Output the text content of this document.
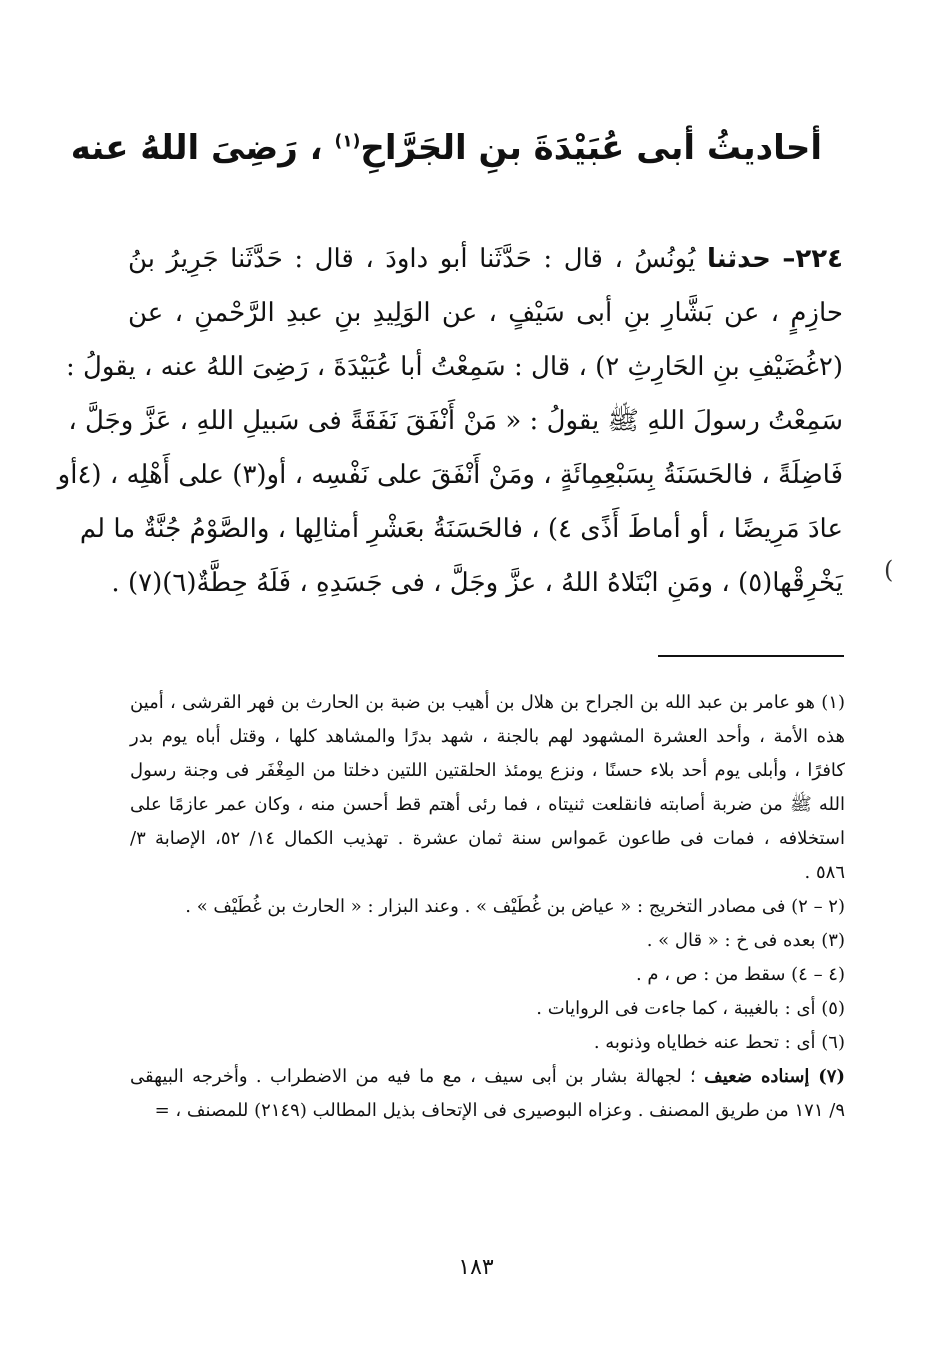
أحاديثُ أبى عُبَيْدَةَ بنِ الجَرَّاحِ$^{(١)}$ ، رَضِىَ اللهُ عنه
٢٢٤– حدثنا يُونُسُ ، قال : حَدَّثَنا أبو داودَ ، قال : حَدَّثَنا جَرِيرُ بنُ
حازِمٍ ، عن بَشَّارِ بنِ أبى سَيْفٍ ، عن الوَلِيدِ بنِ عبدِ الرَّحْمنِ ، عن
(٢غُضَيْفِ بنِ الحَارِثِ ٢) ، قال : سَمِعْتُ أبا عُبَيْدَةَ ، رَضِىَ اللهُ عنه ، يقولُ :
سَمِعْتُ رسولَ اللهِ ﷺ يقولُ : « مَنْ أَنْفَقَ نَفَقَةً فى سَبيلِ اللهِ ، عَزَّ وجَلَّ ،
فَاضِلَةً ، فالحَسَنَةُ بِسَبْعِمِائَةٍ ، ومَنْ أَنْفَقَ على نَفْسِه ، أو(٣) على أَهْلِه ، (٤أو
عادَ مَرِيضًا ، أو أماطَ أَذًى ٤) ، فالحَسَنَةُ بعَشْرِ أمثالِها ، والصَّوْمُ جُنَّةٌ ما لم
يَخْرِقْها(٥) ، ومَنِ ابْتَلاهُ اللهُ ، عزَّ وجَلَّ ، فى جَسَدِهِ ، فَلَهُ حِطَّةٌ(٦)(٧) . (
(١) هو عامر بن عبد الله بن الجراح بن هلال بن أهيب بن ضبة بن الحارث بن فهر القرشى ، أمين
هذه الأمة ، وأحد العشرة المشهود لهم بالجنة ، شهد بدرًا والمشاهد كلها ، وقتل أباه يوم بدر
كافرًا ، وأبلى يوم أحد بلاء حسنًا ، ونزع يومئذ الحلقتين اللتين دخلتا من المِغْفَر فى وجنة رسول
الله ﷺ من ضربة أصابته فانقلعت ثنيتاه ، فما رئى أهتم قط أحسن منه ، وكان عمر عازمًا على
استخلافه ، فمات فى طاعون عَمواس سنة ثمان عشرة . تهذيب الكمال ١٤/ ٥٢، الإصابة ٣/
٥٨٦ .
(٢ – ٢) فى مصادر التخريج : « عياض بن غُطَيْف » . وعند البزار : « الحارث بن غُطَيْف » .
(٣) بعده فى خ : « قال » .
(٤ – ٤) سقط من : ص ، م .
(٥) أى : بالغيبة ، كما جاءت فى الروايات .
(٦) أى : تحط عنه خطاياه وذنوبه .
(٧) إسناده ضعيف ؛ لجهالة بشار بن أبى سيف ، مع ما فيه من الاضطراب . وأخرجه البيهقى
٩/ ١٧١ من طريق المصنف . وعزاه البوصيرى فى الإتحاف بذيل المطالب (٢١٤٩) للمصنف ، =
١٨٣
